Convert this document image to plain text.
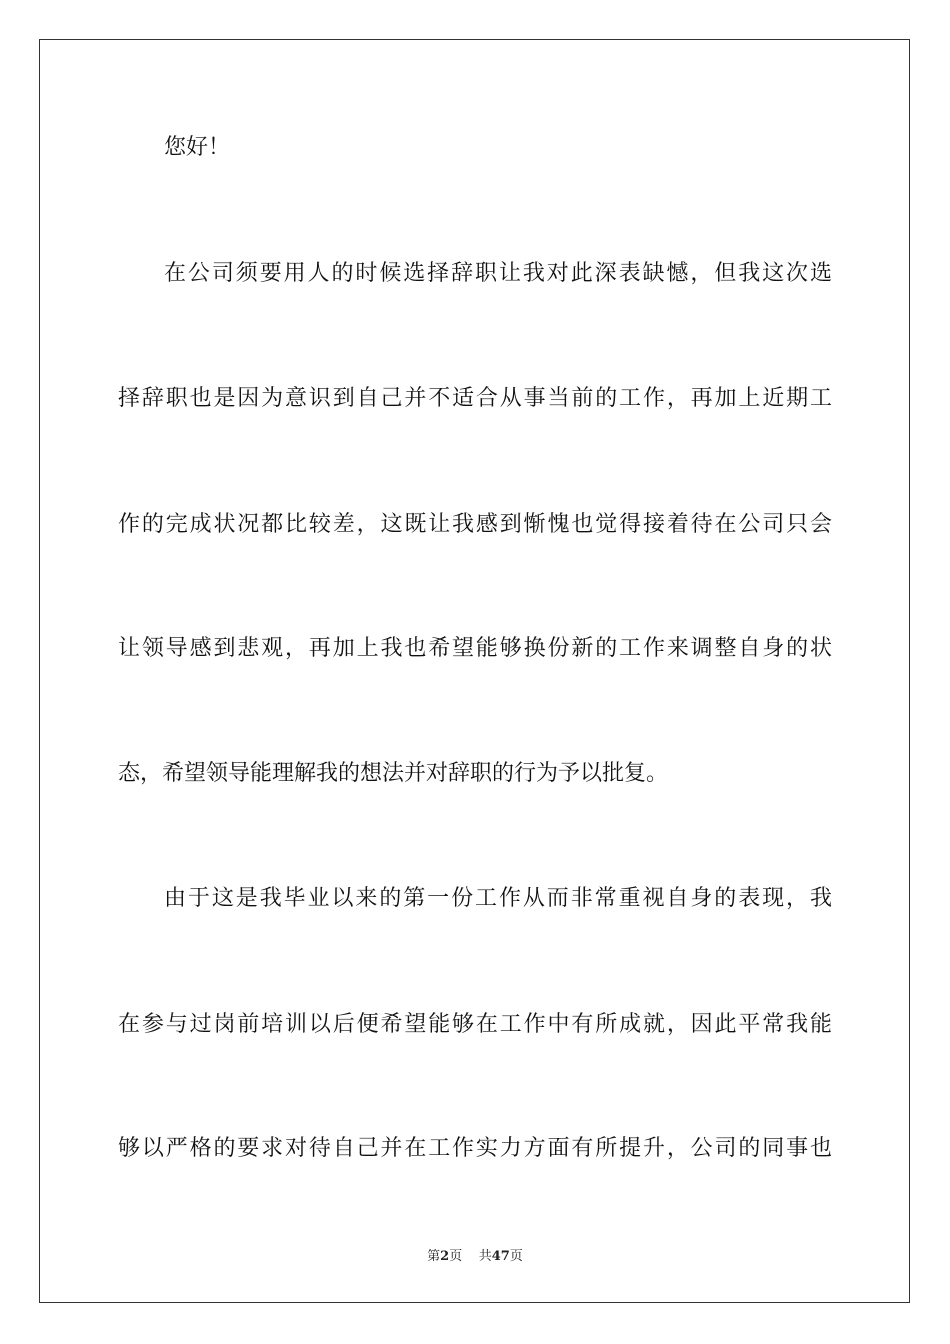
您好！
在公司须要用人的时候选择辞职让我对此深表缺憾，但我这次选
择辞职也是因为意识到自己并不适合从事当前的工作，再加上近期工
作的完成状况都比较差，这既让我感到惭愧也觉得接着待在公司只会
让领导感到悲观，再加上我也希望能够换份新的工作来调整自身的状
态，希望领导能理解我的想法并对辞职的行为予以批复。
由于这是我毕业以来的第一份工作从而非常重视自身的表现，我
在参与过岗前培训以后便希望能够在工作中有所成就，因此平常我能
够以严格的要求对待自己并在工作实力方面有所提升，公司的同事也
第2页 共47页
